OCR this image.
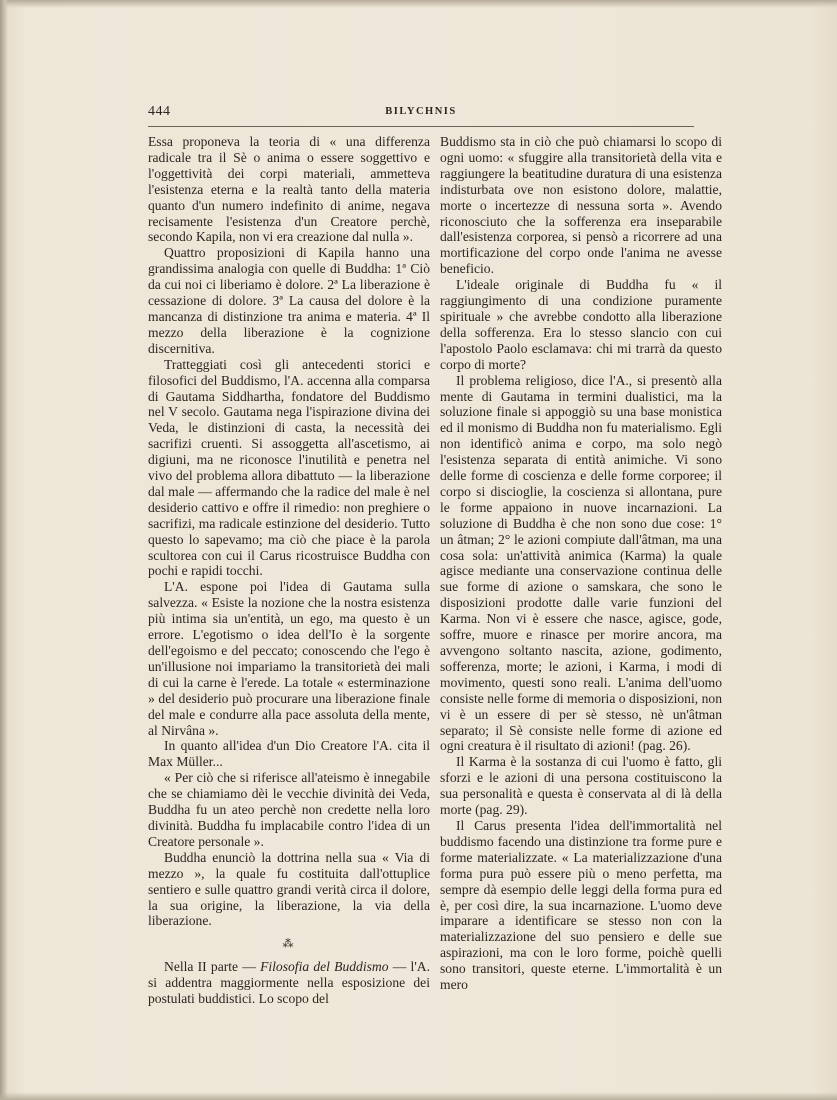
444	BILYCHNIS

Essa proponeva la teoria di « una differenza radicale tra il Sè o anima o essere soggettivo e l'oggettività dei corpi materiali, ammetteva l'esistenza eterna e la realtà tanto della materia quanto d'un numero indefinito di anime, negava recisamente l'esistenza d'un Creatore perchè, secondo Kapila, non vi era creazione dal nulla ».

Quattro proposizioni di Kapila hanno una grandissima analogia con quelle di Buddha: 1ª Ciò da cui noi ci liberiamo è dolore. 2ª La liberazione è cessazione di dolore. 3ª La causa del dolore è la mancanza di distinzione tra anima e materia. 4ª Il mezzo della liberazione è la cognizione discernitiva.

Tratteggiati così gli antecedenti storici e filosofici del Buddismo, l'A. accenna alla comparsa di Gautama Siddhartha, fondatore del Buddismo nel V secolo. Gautama nega l'ispirazione divina dei Veda, le distinzioni di casta, la necessità dei sacrifizi cruenti. Si assoggetta all'ascetismo, ai digiuni, ma ne riconosce l'inutilità e penetra nel vivo del problema allora dibattuto — la liberazione dal male — affermando che la radice del male è nel desiderio cattivo e offre il rimedio: non preghiere o sacrifizi, ma radicale estinzione del desiderio. Tutto questo lo sapevamo; ma ciò che piace è la parola scultorea con cui il Carus ricostruisce Buddha con pochi e rapidi tocchi.

L'A. espone poi l'idea di Gautama sulla salvezza. « Esiste la nozione che la nostra esistenza più intima sia un'entità, un ego, ma questo è un errore. L'egotismo o idea dell'Io è la sorgente dell'egoismo e del peccato; conoscendo che l'ego è un'illusione noi impariamo la transitorietà dei mali di cui la carne è l'erede. La totale « esterminazione » del desiderio può procurare una liberazione finale del male e condurre alla pace assoluta della mente, al Nirvâna ».

In quanto all'idea d'un Dio Creatore l'A. cita il Max Müller...

« Per ciò che si riferisce all'ateismo è innegabile che se chiamiamo dèi le vecchie divinità dei Veda, Buddha fu un ateo perchè non credette nella loro divinità. Buddha fu implacabile contro l'idea di un Creatore personale ».

Buddha enunciò la dottrina nella sua « Via di mezzo », la quale fu costituita dall'ottuplice sentiero e sulle quattro grandi verità circa il dolore, la sua origine, la liberazione, la via della liberazione.

⁂

Nella II parte — Filosofia del Buddismo — l'A. si addentra maggiormente nella esposizione dei postulati buddistici. Lo scopo del

Buddismo sta in ciò che può chiamarsi lo scopo di ogni uomo: « sfuggire alla transitorietà della vita e raggiungere la beatitudine duratura di una esistenza indisturbata ove non esistono dolore, malattie, morte o incertezze di nessuna sorta ». Avendo riconosciuto che la sofferenza era inseparabile dall'esistenza corporea, si pensò a ricorrere ad una mortificazione del corpo onde l'anima ne avesse beneficio.

L'ideale originale di Buddha fu « il raggiungimento di una condizione puramente spirituale » che avrebbe condotto alla liberazione della sofferenza. Era lo stesso slancio con cui l'apostolo Paolo esclamava: chi mi trarrà da questo corpo di morte?

Il problema religioso, dice l'A., si presentò alla mente di Gautama in termini dualistici, ma la soluzione finale si appoggiò su una base monistica ed il monismo di Buddha non fu materialismo. Egli non identificò anima e corpo, ma solo negò l'esistenza separata di entità animiche. Vi sono delle forme di coscienza e delle forme corporee; il corpo si discioglie, la coscienza si allontana, pure le forme appaiono in nuove incarnazioni. La soluzione di Buddha è che non sono due cose: 1° un âtman; 2° le azioni compiute dall'âtman, ma una cosa sola: un'attività animica (Karma) la quale agisce mediante una conservazione continua delle sue forme di azione o samskara, che sono le disposizioni prodotte dalle varie funzioni del Karma. Non vi è essere che nasce, agisce, gode, soffre, muore e rinasce per morire ancora, ma avvengono soltanto nascita, azione, godimento, sofferenza, morte; le azioni, i Karma, i modi di movimento, questi sono reali. L'anima dell'uomo consiste nelle forme di memoria o disposizioni, non vi è un essere di per sè stesso, nè un'âtman separato; il Sè consiste nelle forme di azione ed ogni creatura è il risultato di azioni! (pag. 26).

Il Karma è la sostanza di cui l'uomo è fatto, gli sforzi e le azioni di una persona costituiscono la sua personalità e questa è conservata al di là della morte (pag. 29).

Il Carus presenta l'idea dell'immortalità nel buddismo facendo una distinzione tra forme pure e forme materializzate. « La materializzazione d'una forma pura può essere più o meno perfetta, ma sempre dà esempio delle leggi della forma pura ed è, per così dire, la sua incarnazione. L'uomo deve imparare a identificare se stesso non con la materializzazione del suo pensiero e delle sue aspirazioni, ma con le loro forme, poichè quelli sono transitori, queste eterne. L'immortalità è un mero
